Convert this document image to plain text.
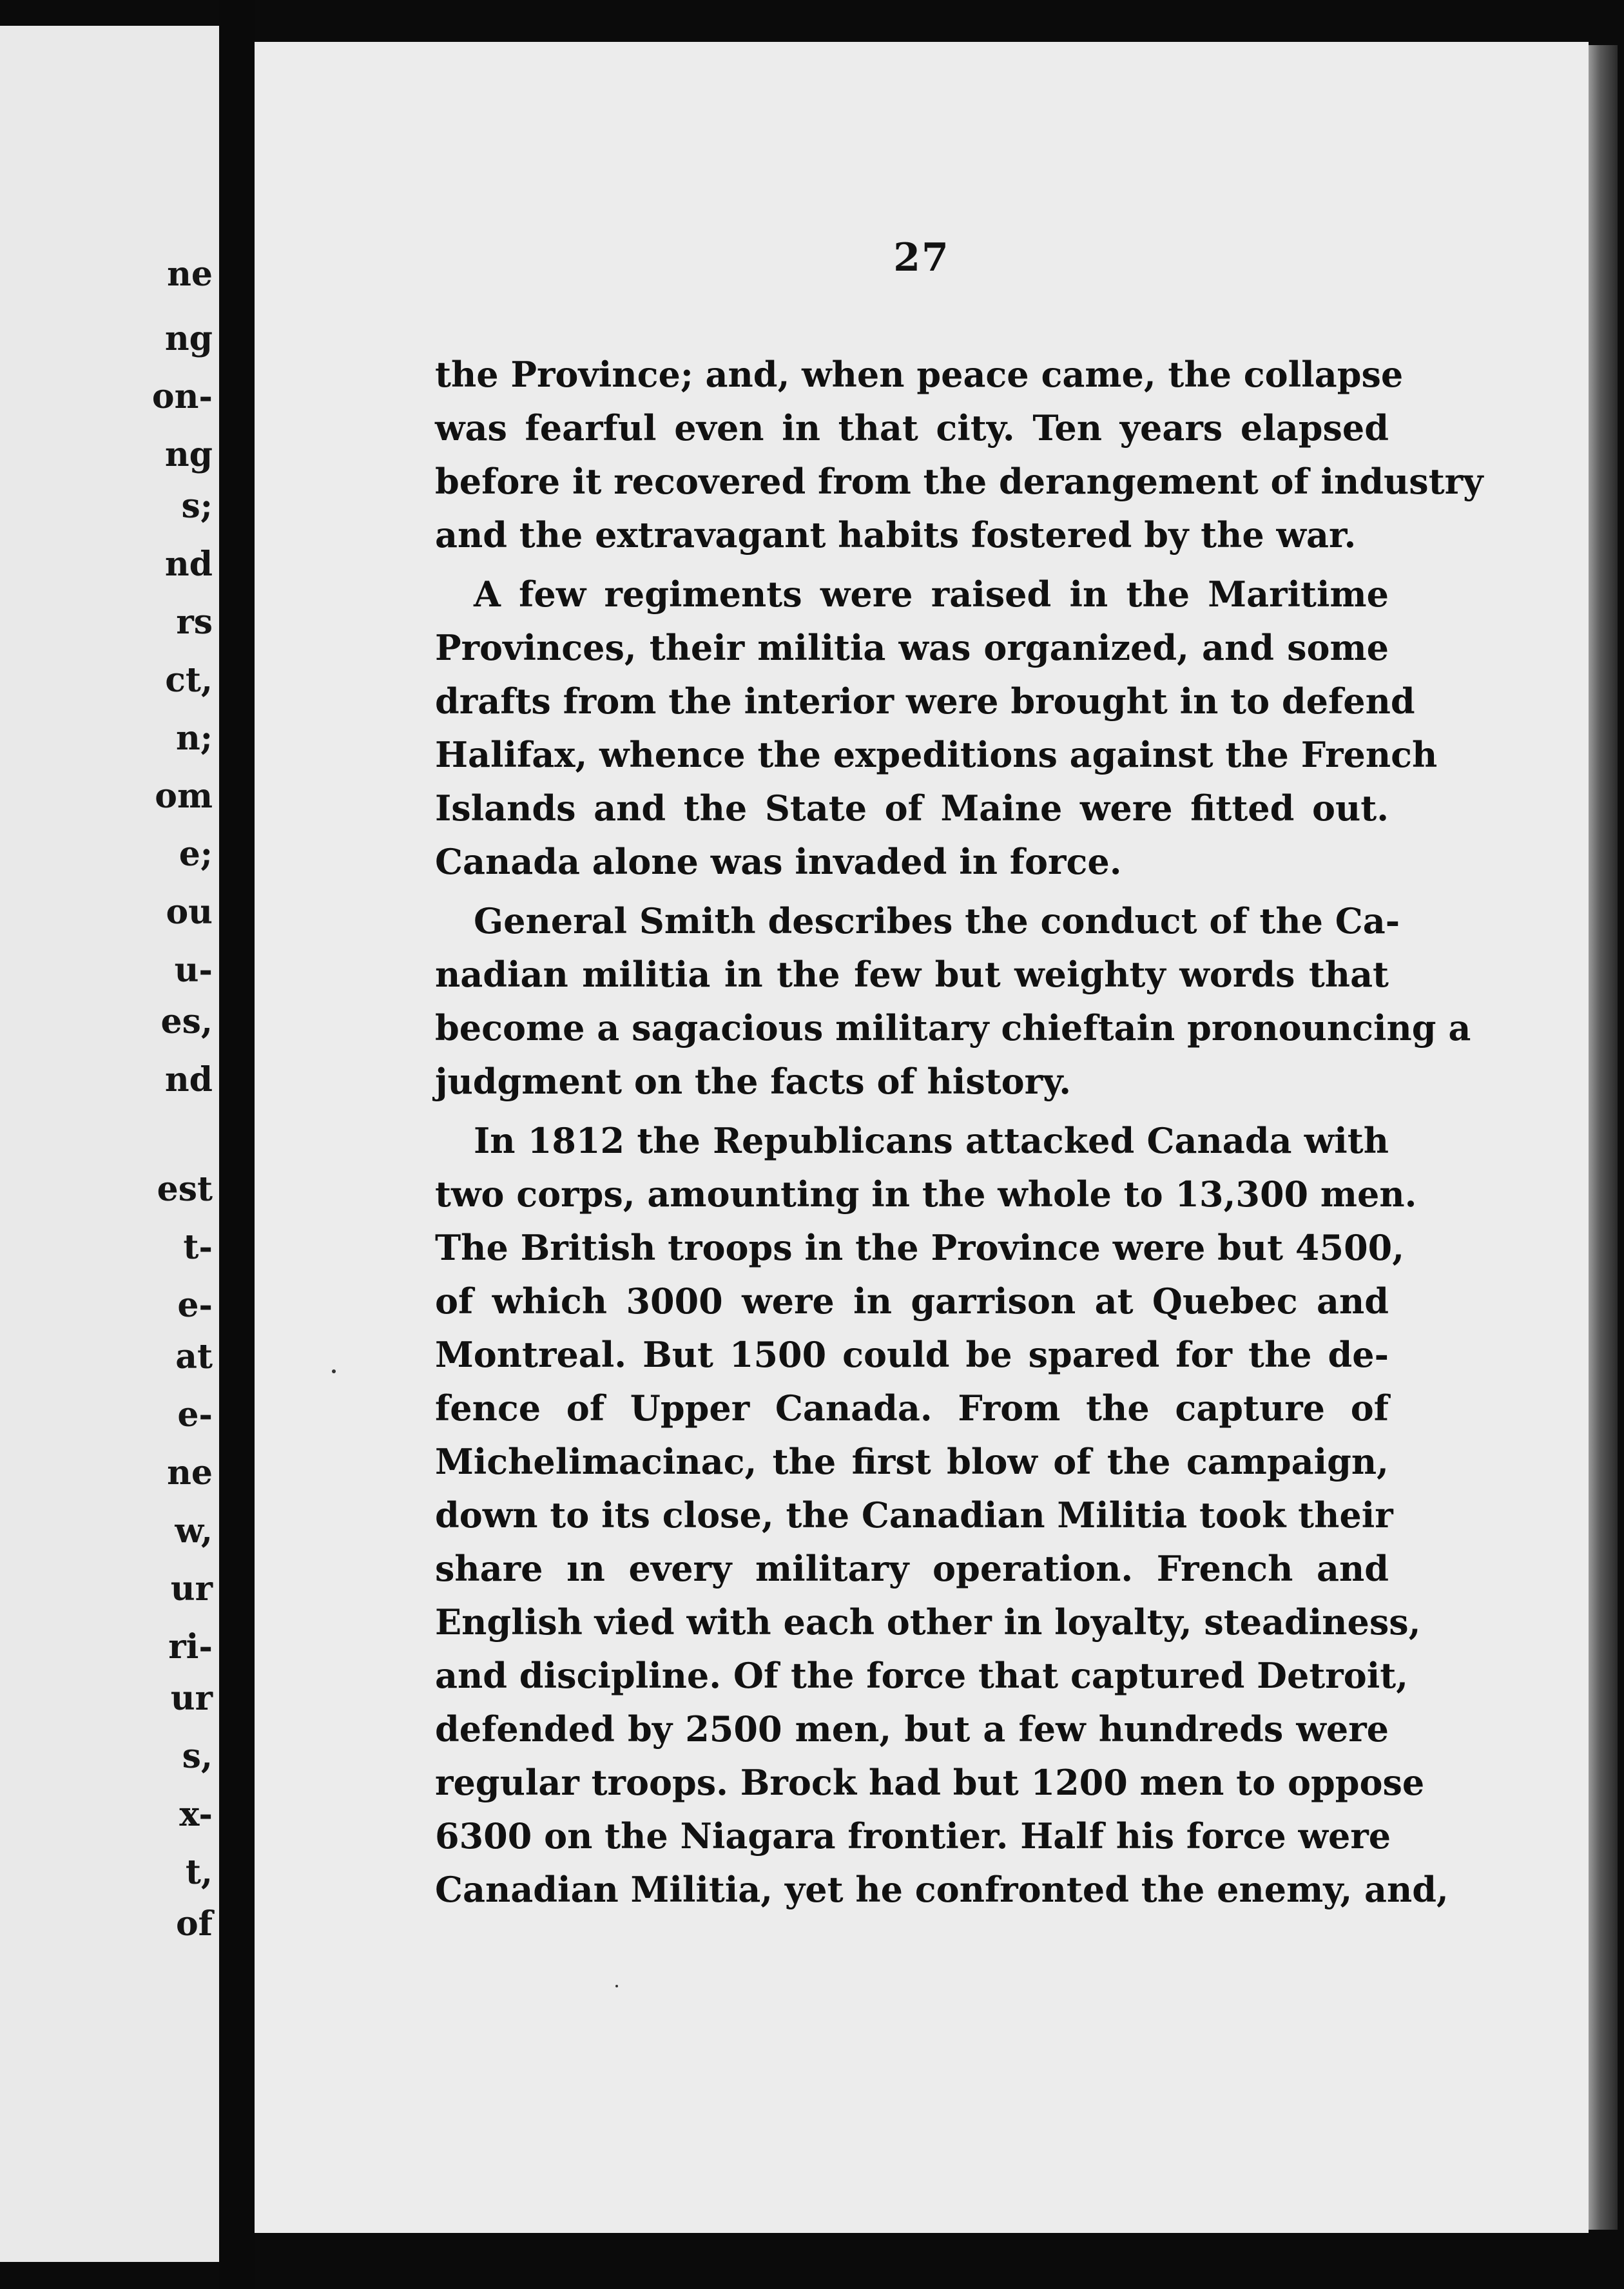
ne
ng
on-
ng
s;
nd
rs
ct,
n;
om
e;
ou
u-
es,
nd
est
t-
e-
at
e-
ne
w,
ur
ri-
ur
s,
x-
t,
of
27
the Province; and, when peace came, the collapse
was fearful even in that city. Ten years elapsed
before it recovered from the derangement of industry
and the extravagant habits fostered by the war.
A few regiments were raised in the Maritime
Provinces, their militia was organized, and some
drafts from the interior were brought in to defend
Halifax, whence the expeditions against the French
Islands and the State of Maine were fitted out.
Canada alone was invaded in force.
General Smith describes the conduct of the Ca-
nadian militia in the few but weighty words that
become a sagacious military chieftain pronouncing a
judgment on the facts of history.
In 1812 the Republicans attacked Canada with
two corps, amounting in the whole to 13,300 men.
The British troops in the Province were but 4500,
of which 3000 were in garrison at Quebec and
Montreal. But 1500 could be spared for the de-
fence of Upper Canada. From the capture of
Michelimacinac, the first blow of the campaign,
down to its close, the Canadian Militia took their
share ın every military operation. French and
English vied with each other in loyalty, steadiness,
and discipline. Of the force that captured Detroit,
defended by 2500 men, but a few hundreds were
regular troops. Brock had but 1200 men to oppose
6300 on the Niagara frontier. Half his force were
Canadian Militia, yet he confronted the enemy, and,
